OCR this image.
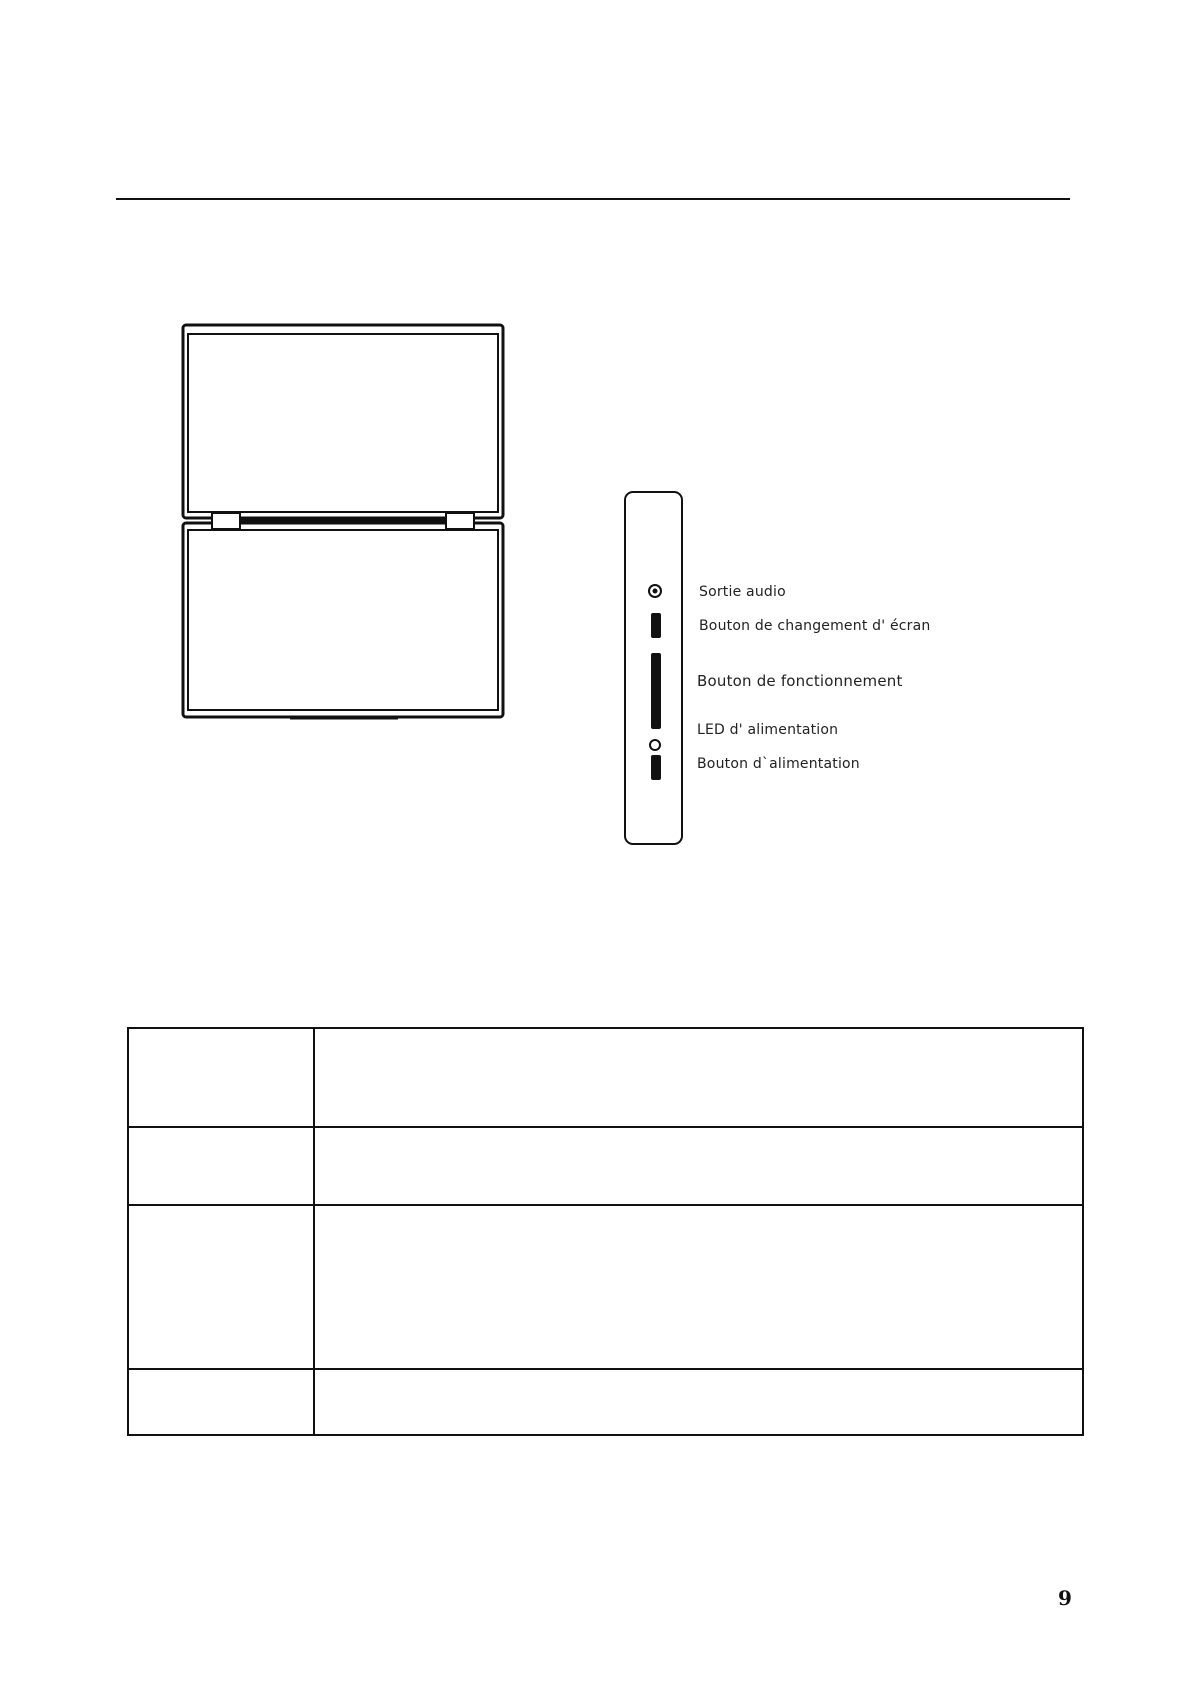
Sortie audio
Bouton de changement d' écran
Bouton de fonctionnement
LED d' alimentation
Bouton d`alimentation

9
